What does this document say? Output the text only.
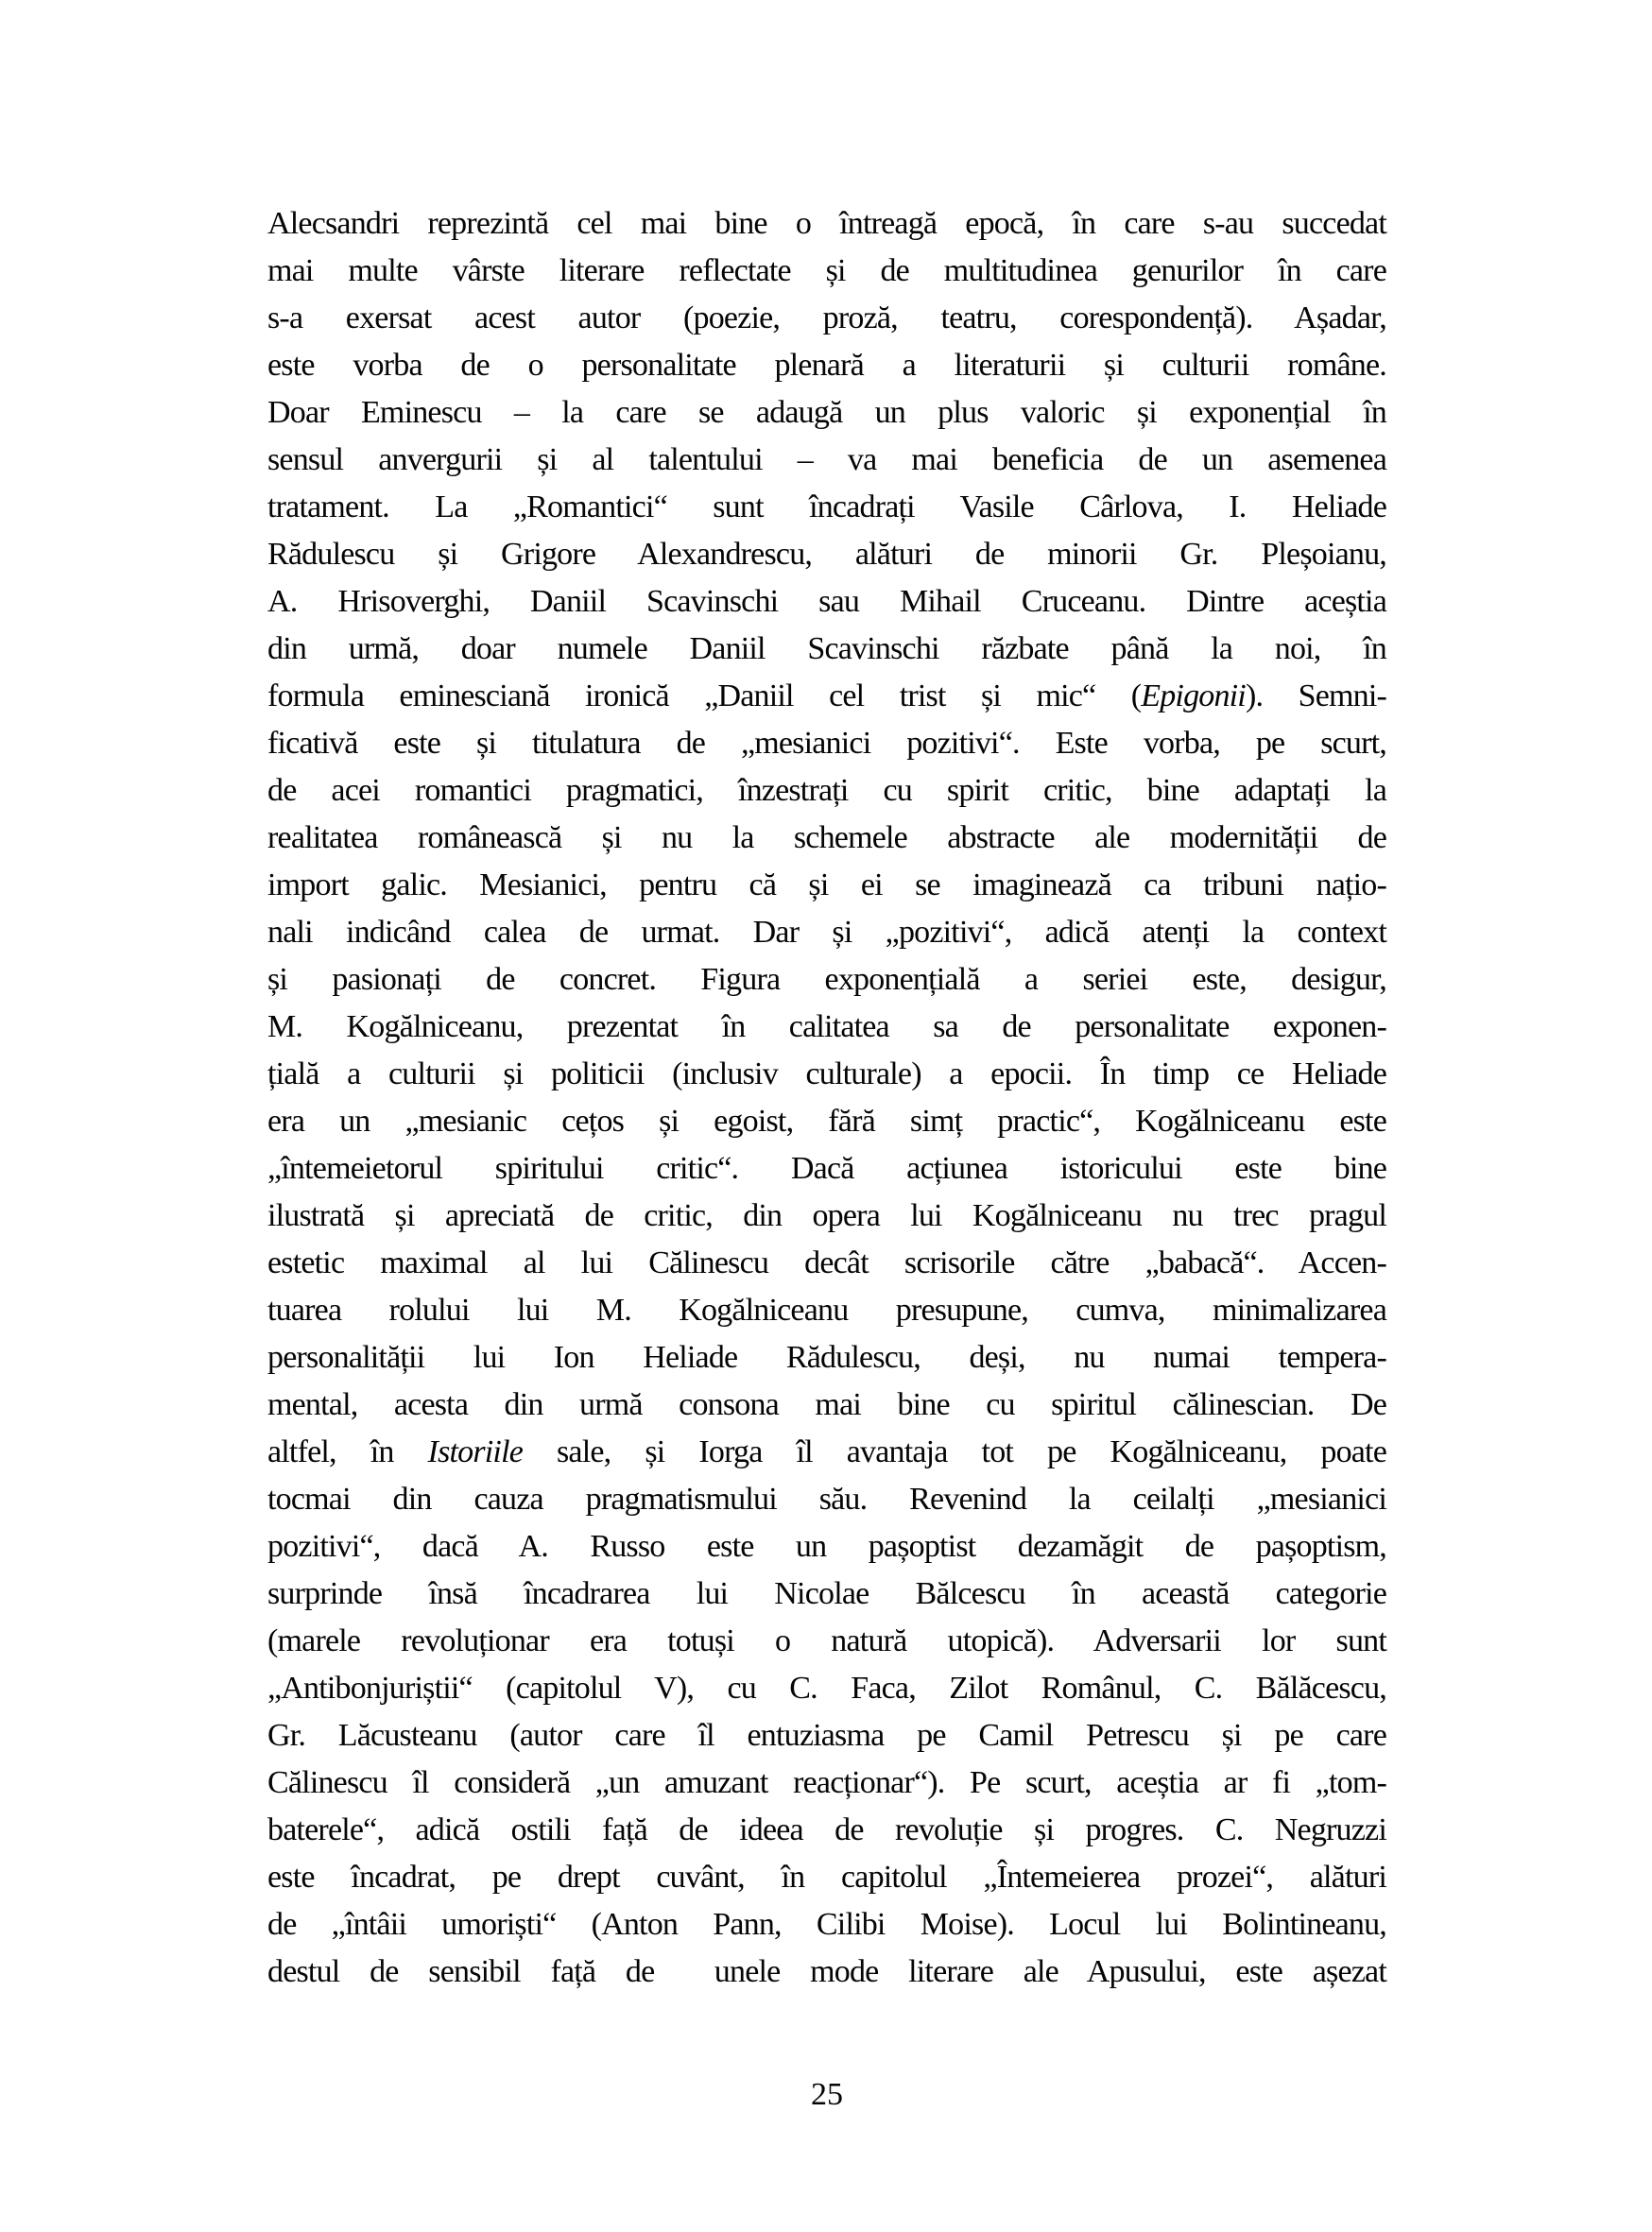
Alecsandri reprezintă cel mai bine o întreagă epocă, în care s-au succedat
mai multe vârste literare reflectate și de multitudinea genurilor în care
s-a exersat acest autor (poezie, proză, teatru, corespondență). Așadar,
este vorba de o personalitate plenară a literaturii și culturii române.
Doar Eminescu – la care se adaugă un plus valoric și exponențial în
sensul anvergurii și al talentului – va mai beneficia de un asemenea
tratament. La „Romantici“ sunt încadrați Vasile Cârlova, I. Heliade
Rădulescu și Grigore Alexandrescu, alături de minorii Gr. Pleșoianu,
A. Hrisoverghi, Daniil Scavinschi sau Mihail Cruceanu. Dintre aceștia
din urmă, doar numele Daniil Scavinschi răzbate până la noi, în
formula eminesciană ironică „Daniil cel trist și mic“ (Epigonii). Semni-
ficativă este și titulatura de „mesianici pozitivi“. Este vorba, pe scurt,
de acei romantici pragmatici, înzestrați cu spirit critic, bine adaptați la
realitatea românească și nu la schemele abstracte ale modernității de
import galic. Mesianici, pentru că și ei se imaginează ca tribuni națio-
nali indicând calea de urmat. Dar și „pozitivi“, adică atenți la context
și pasionați de concret. Figura exponențială a seriei este, desigur,
M. Kogălniceanu, prezentat în calitatea sa de personalitate exponen-
țială a culturii și politicii (inclusiv culturale) a epocii. În timp ce Heliade
era un „mesianic cețos și egoist, fără simț practic“, Kogălniceanu este
„întemeietorul spiritului critic“. Dacă acțiunea istoricului este bine
ilustrată și apreciată de critic, din opera lui Kogălniceanu nu trec pragul
estetic maximal al lui Călinescu decât scrisorile către „babacă“. Accen-
tuarea rolului lui M. Kogălniceanu presupune, cumva, minimalizarea
personalității lui Ion Heliade Rădulescu, deși, nu numai tempera-
mental, acesta din urmă consona mai bine cu spiritul călinescian. De
altfel, în Istoriile sale, și Iorga îl avantaja tot pe Kogălniceanu, poate
tocmai din cauza pragmatismului său. Revenind la ceilalți „mesianici
pozitivi“, dacă A. Russo este un pașoptist dezamăgit de pașoptism,
surprinde însă încadrarea lui Nicolae Bălcescu în această categorie
(marele revoluționar era totuși o natură utopică). Adversarii lor sunt
„Antibonjuriștii“ (capitolul V), cu C. Faca, Zilot Românul, C. Bălăcescu,
Gr. Lăcusteanu (autor care îl entuziasma pe Camil Petrescu și pe care
Călinescu îl consideră „un amuzant reacționar“). Pe scurt, aceștia ar fi „tom-
baterele“, adică ostili față de ideea de revoluție și progres. C. Negruzzi
este încadrat, pe drept cuvânt, în capitolul „Întemeierea prozei“, alături
de „întâii umoriști“ (Anton Pann, Cilibi Moise). Locul lui Bolintineanu,
destul de sensibil față de  unele mode literare ale Apusului, este așezat
25
